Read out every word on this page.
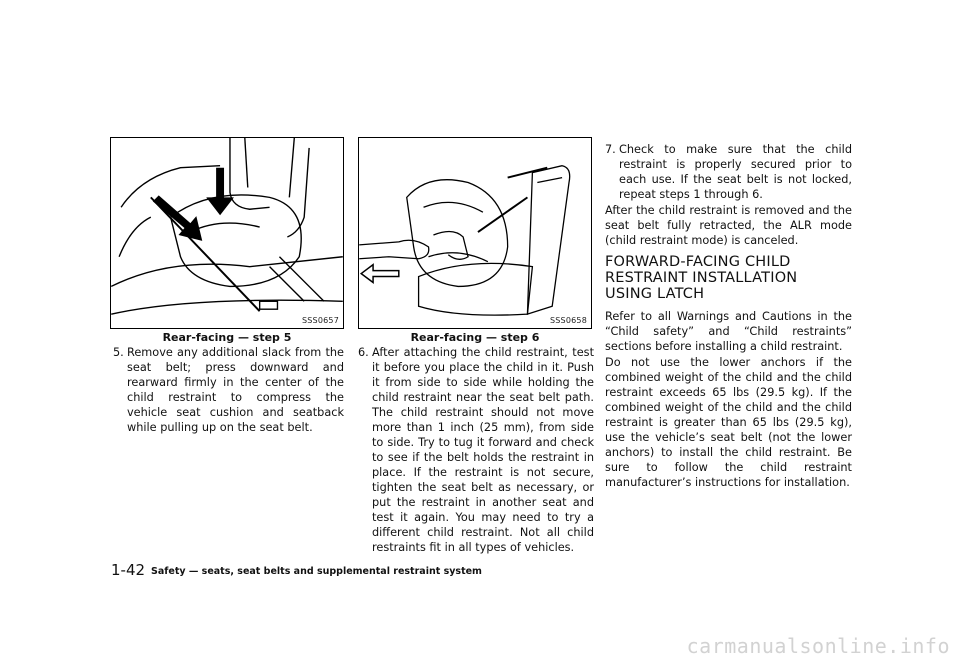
SSS0657
Rear-facing — step 5
5. Remove any additional slack from the seat belt; press downward and rearward firmly in the center of the child restraint to compress the vehicle seat cushion and seatback while pulling up on the seat belt.
SSS0658
Rear-facing — step 6
6. After attaching the child restraint, test it before you place the child in it. Push it from side to side while holding the child restraint near the seat belt path. The child restraint should not move more than 1 inch (25 mm), from side to side. Try to tug it forward and check to see if the belt holds the restraint in place. If the restraint is not secure, tighten the seat belt as necessary, or put the restraint in another seat and test it again. You may need to try a different child restraint. Not all child restraints fit in all types of vehicles.
7. Check to make sure that the child restraint is properly secured prior to each use. If the seat belt is not locked, repeat steps 1 through 6.

After the child restraint is removed and the seat belt fully retracted, the ALR mode (child restraint mode) is canceled.

FORWARD-FACING CHILD RESTRAINT INSTALLATION USING LATCH

Refer to all Warnings and Cautions in the “Child safety” and “Child restraints” sections before installing a child restraint.

Do not use the lower anchors if the combined weight of the child and the child restraint exceeds 65 lbs (29.5 kg). If the combined weight of the child and the child restraint is greater than 65 lbs (29.5 kg), use the vehicle’s seat belt (not the lower anchors) to install the child restraint. Be sure to follow the child restraint manufacturer’s instructions for installation.

1-42 Safety — seats, seat belts and supplemental restraint system
carmanualsonline.info
